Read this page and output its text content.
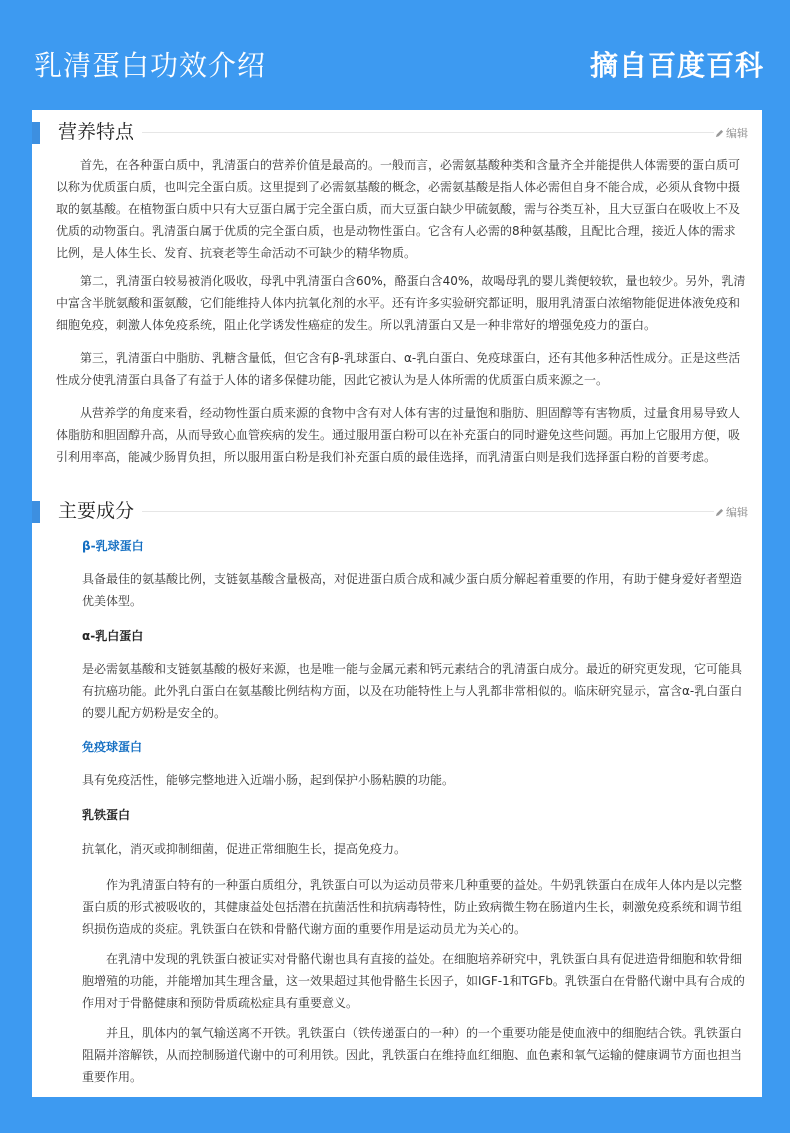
乳清蛋白功效介绍	摘自百度百科
营养特点	编辑

首先，在各种蛋白质中，乳清蛋白的营养价值是最高的。一般而言，必需氨基酸种类和含量齐全并能提供人体需要的蛋白质可以称为优质蛋白质，也叫完全蛋白质。这里提到了必需氨基酸的概念，必需氨基酸是指人体必需但自身不能合成，必须从食物中摄取的氨基酸。在植物蛋白质中只有大豆蛋白属于完全蛋白质，而大豆蛋白缺少甲硫氨酸，需与谷类互补，且大豆蛋白在吸收上不及优质的动物蛋白。乳清蛋白属于优质的完全蛋白质，也是动物性蛋白。它含有人必需的8种氨基酸，且配比合理，接近人体的需求比例，是人体生长、发育、抗衰老等生命活动不可缺少的精华物质。

第二，乳清蛋白较易被消化吸收，母乳中乳清蛋白含60%，酪蛋白含40%，故喝母乳的婴儿粪便较软，量也较少。另外，乳清中富含半胱氨酸和蛋氨酸，它们能维持人体内抗氧化剂的水平。还有许多实验研究都证明，服用乳清蛋白浓缩物能促进体液免疫和细胞免疫，刺激人体免疫系统，阻止化学诱发性癌症的发生。所以乳清蛋白又是一种非常好的增强免疫力的蛋白。

第三，乳清蛋白中脂肪、乳糖含量低，但它含有β-乳球蛋白、α-乳白蛋白、免疫球蛋白，还有其他多种活性成分。正是这些活性成分使乳清蛋白具备了有益于人体的诸多保健功能，因此它被认为是人体所需的优质蛋白质来源之一。

从营养学的角度来看，经动物性蛋白质来源的食物中含有对人体有害的过量饱和脂肪、胆固醇等有害物质，过量食用易导致人体脂肪和胆固醇升高，从而导致心血管疾病的发生。通过服用蛋白粉可以在补充蛋白的同时避免这些问题。再加上它服用方便，吸引利用率高，能减少肠胃负担，所以服用蛋白粉是我们补充蛋白质的最佳选择，而乳清蛋白则是我们选择蛋白粉的首要考虑。

主要成分	编辑
β-乳球蛋白

具备最佳的氨基酸比例，支链氨基酸含量极高，对促进蛋白质合成和减少蛋白质分解起着重要的作用，有助于健身爱好者塑造优美体型。

α-乳白蛋白

是必需氨基酸和支链氨基酸的极好来源，也是唯一能与金属元素和钙元素结合的乳清蛋白成分。最近的研究更发现，它可能具有抗癌功能。此外乳白蛋白在氨基酸比例结构方面，以及在功能特性上与人乳都非常相似的。临床研究显示，富含α-乳白蛋白的婴儿配方奶粉是安全的。

免疫球蛋白

具有免疫活性，能够完整地进入近端小肠，起到保护小肠粘膜的功能。

乳铁蛋白

抗氧化，消灭或抑制细菌，促进正常细胞生长，提高免疫力。

作为乳清蛋白特有的一种蛋白质组分，乳铁蛋白可以为运动员带来几种重要的益处。牛奶乳铁蛋白在成年人体内是以完整蛋白质的形式被吸收的，其健康益处包括潜在抗菌活性和抗病毒特性，防止致病微生物在肠道内生长，刺激免疫系统和调节组织损伤造成的炎症。乳铁蛋白在铁和骨骼代谢方面的重要作用是运动员尤为关心的。

在乳清中发现的乳铁蛋白被证实对骨骼代谢也具有直接的益处。在细胞培养研究中，乳铁蛋白具有促进造骨细胞和软骨细胞增殖的功能，并能增加其生理含量，这一效果超过其他骨骼生长因子，如IGF-1和TGFb。乳铁蛋白在骨骼代谢中具有合成的作用对于骨骼健康和预防骨质疏松症具有重要意义。

并且，肌体内的氧气输送离不开铁。乳铁蛋白（铁传递蛋白的一种）的一个重要功能是使血液中的细胞结合铁。乳铁蛋白阻隔并溶解铁，从而控制肠道代谢中的可利用铁。因此，乳铁蛋白在维持血红细胞、血色素和氧气运输的健康调节方面也担当重要作用。
